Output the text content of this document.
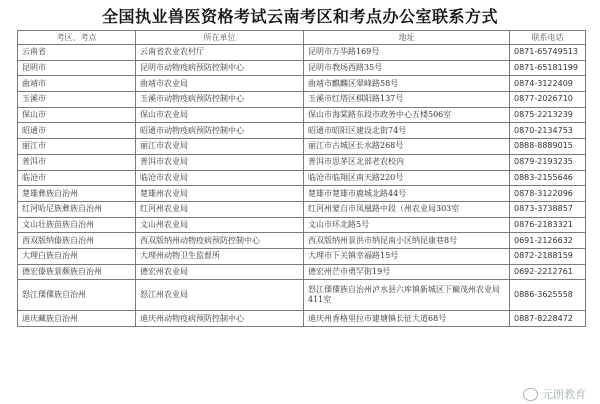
全国执业兽医资格考试云南考区和考点办公室联系方式
考区、考点	所在单位	地址	联系电话
云南省	云南省农业农村厅	昆明市万华路169号	0871-65749513
昆明市	昆明市动物疫病预防控制中心	昆明市教场西路35号	0871-65181199
曲靖市	曲靖市农业局	曲靖市麒麟区翠峰路58号	0874-3122409
玉溪市	玉溪市动物疫病预防控制中心	玉溪市红塔区棋阳路137号	0877-2026710
保山市	保山市农业局	保山市海棠路东段市政务中心五楼506室	0875-2213239
昭通市	昭通市动物疫病预防控制中心	昭通市昭阳区建设北街74号	0870-2134753
丽江市	丽江市农业局	丽江市古城区长水路268号	0888-8889015
普洱市	普洱市农业局	普洱市思茅区北部老农校内	0879-2193235
临沧市	临沧市农业局	临沧市临翔区南天路220号	0883-2155646
楚雄彝族自治州	楚雄州农业局	楚雄市楚雄市鹿城北路44号	0878-3122096
红河哈尼族彝族自治州	红河州农业局	红河州蒙自市凤凰路中段（州农业局303室	0873-3738857
文山壮族苗族自治州	文山州农业局	文山市环北路5号	0876-2183321
西双版纳傣族自治州	西双版纳州动物疫病预防控制中心	西双版纳州景洪市纳昆南小区纳昆康巷8号	0691-2126632
大理白族自治州	大理州动物卫生监督所	大理市下关镇幸福路15号	0872-2188159
德宏傣族景颇族自治州	德宏州农业局	德宏州芒市勇罕街19号	0692-2212761
怒江傈僳族自治州	怒江州农业局	怒江傈僳族自治州泸水县六库镇新城区下巅茂州农业局411室	0886-3625558
迪庆藏族自治州	迪庆州动物疫病预防控制中心	迪庆州香格里拉市建塘镇长征大道68号	0887-8228472
元朗教育
